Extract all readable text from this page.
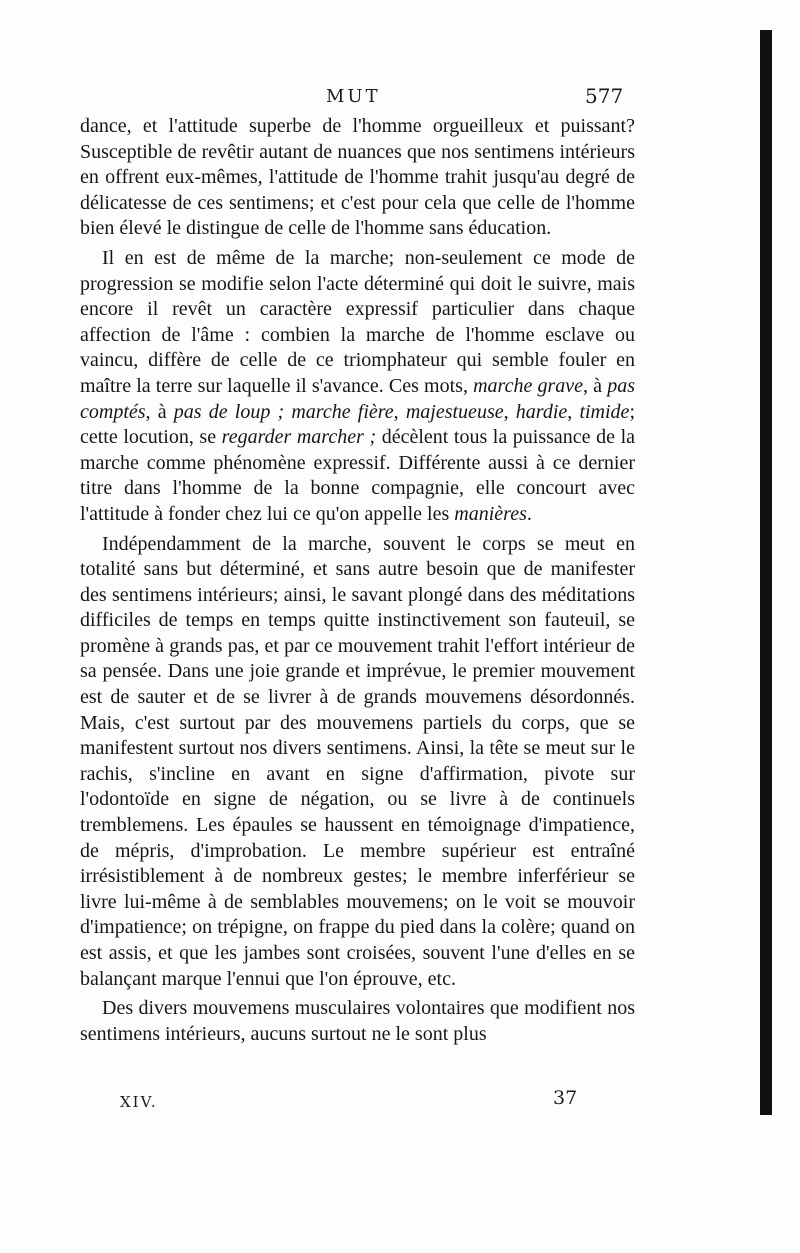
MUT	577

dance, et l'attitude superbe de l'homme orgueilleux et puissant? Susceptible de revêtir autant de nuances que nos sentimens intérieurs en offrent eux-mêmes, l'attitude de l'homme trahit jusqu'au degré de délicatesse de ces sentimens; et c'est pour cela que celle de l'homme bien élevé le distingue de celle de l'homme sans éducation.

Il en est de même de la marche; non-seulement ce mode de progression se modifie selon l'acte déterminé qui doit le suivre, mais encore il revêt un caractère expressif particulier dans chaque affection de l'âme : combien la marche de l'homme esclave ou vaincu, diffère de celle de ce triomphateur qui semble fouler en maître la terre sur laquelle il s'avance. Ces mots, marche grave, à pas comptés, à pas de loup ; marche fière, majestueuse, hardie, timide; cette locution, se regarder marcher ; décèlent tous la puissance de la marche comme phénomène expressif. Différente aussi à ce dernier titre dans l'homme de la bonne compagnie, elle concourt avec l'attitude à fonder chez lui ce qu'on appelle les manières.

Indépendamment de la marche, souvent le corps se meut en totalité sans but déterminé, et sans autre besoin que de manifester des sentimens intérieurs; ainsi, le savant plongé dans des méditations difficiles de temps en temps quitte instinctivement son fauteuil, se promène à grands pas, et par ce mouvement trahit l'effort intérieur de sa pensée. Dans une joie grande et imprévue, le premier mouvement est de sauter et de se livrer à de grands mouvemens désordonnés. Mais, c'est surtout par des mouvemens partiels du corps, que se manifestent surtout nos divers sentimens. Ainsi, la tête se meut sur le rachis, s'incline en avant en signe d'affirmation, pivote sur l'odontoïde en signe de négation, ou se livre à de continuels tremblemens. Les épaules se haussent en témoignage d'impatience, de mépris, d'improbation. Le membre supérieur est entraîné irrésistiblement à de nombreux gestes; le membre inferférieur se livre lui-même à de semblables mouvemens; on le voit se mouvoir d'impatience; on trépigne, on frappe du pied dans la colère; quand on est assis, et que les jambes sont croisées, souvent l'une d'elles en se balançant marque l'ennui que l'on éprouve, etc.

Des divers mouvemens musculaires volontaires que modifient nos sentimens intérieurs, aucuns surtout ne le sont plus

XIV.	37
